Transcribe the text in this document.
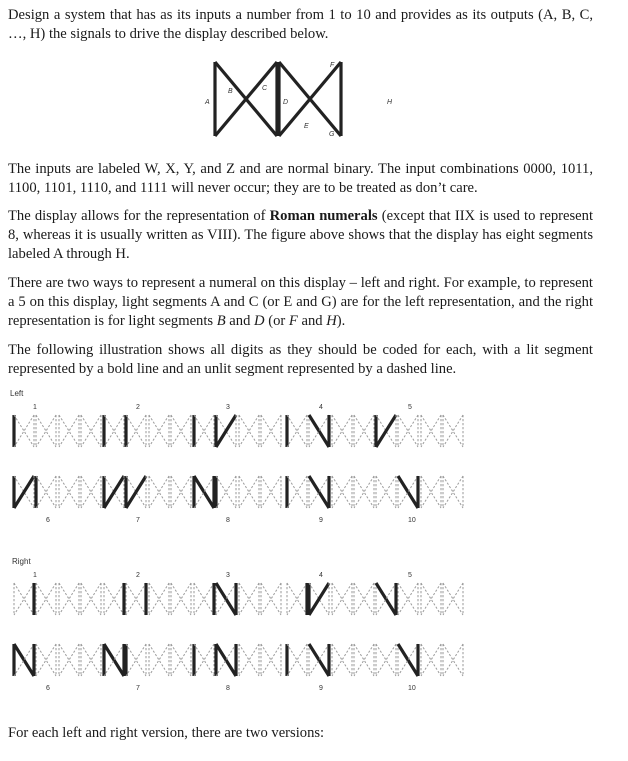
Design a system that has as its inputs a number from 1 to 10 and provides as its outputs (A, B, C, …, H) the signals to drive the display described below.

A
B	C
D
E
F
G
H

The inputs are labeled W, X, Y, and Z and are normal binary. The input combinations 0000, 1011, 1100, 1101, 1110, and 1111 will never occur; they are to be treated as don’t care.

The display allows for the representation of Roman numerals (except that IIX is used to represent 8, whereas it is usually written as VIII). The figure above shows that the display has eight segments labeled A through H.

There are two ways to represent a numeral on this display – left and right. For example, to represent a 5 on this display, light segments A and C (or E and G) are for the left representation, and the right representation is for light segments B and D (or F and H).

The following illustration shows all digits as they should be coded for each, with a lit segment represented by a bold line and an unlit segment represented by a dashed line.

Left
1	2	3	4	5
6	7	8	9	10
Right
1	2	3	4	5
6	7	8	9	10

For each left and right version, there are two versions:
